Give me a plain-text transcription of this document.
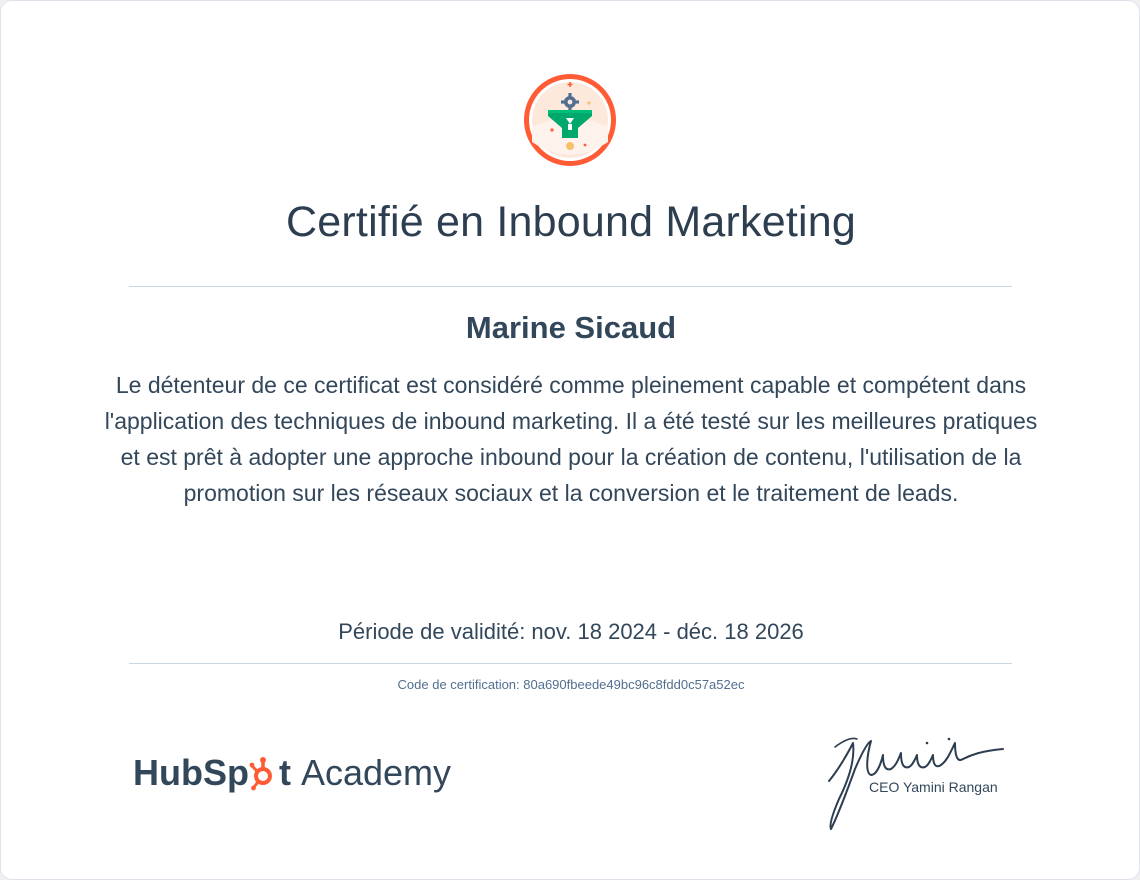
Certifié en Inbound Marketing
Marine Sicaud
Le détenteur de ce certificat est considéré comme pleinement capable et compétent dans l'application des techniques de inbound marketing. Il a été testé sur les meilleures pratiques et est prêt à adopter une approche inbound pour la création de contenu, l'utilisation de la promotion sur les réseaux sociaux et la conversion et le traitement de leads.
Période de validité: nov. 18 2024 - déc. 18 2026
Code de certification: 80a690fbeede49bc96c8fdd0c57a52ec
HubSp t Academy	CEO Yamini Rangan
